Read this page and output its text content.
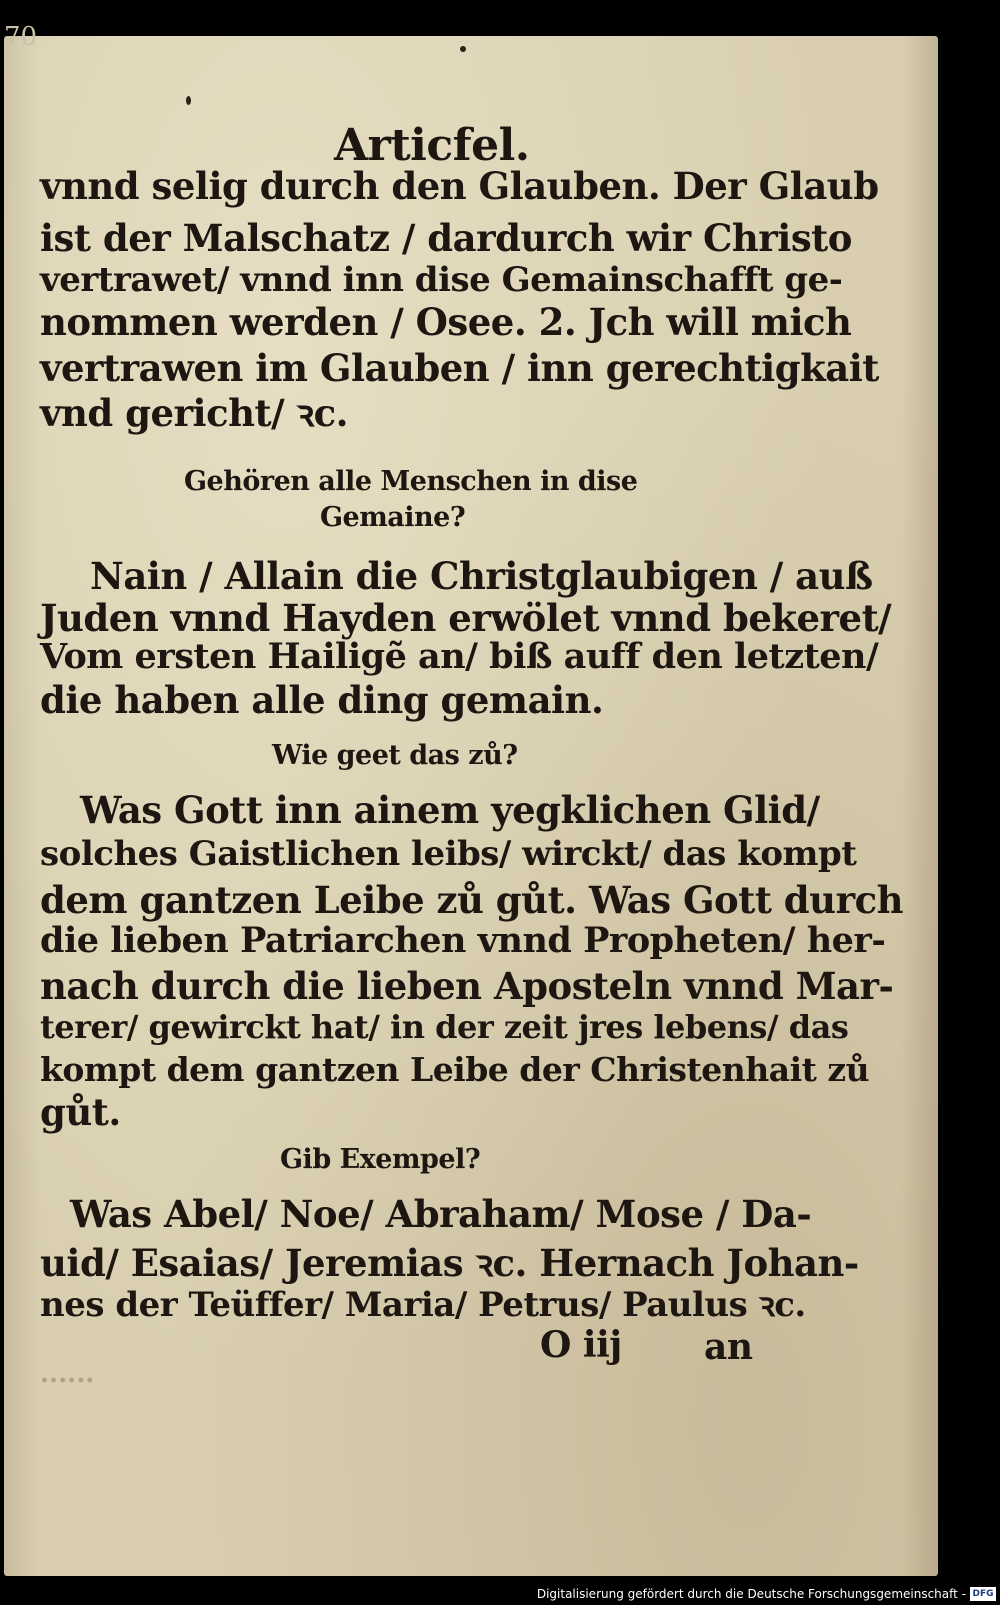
70
Articfel.
vnnd selig durch den Glauben. Der Glaub
ist der Malschatz / dardurch wir Christo
vertrawet/ vnnd inn dise Gemainschafft ge-
nommen werden / Osee. 2. Jch will mich
vertrawen im Glauben / inn gerechtigkait
vnd gericht/ ꝛc.
Gehören alle Menschen in dise
Gemaine?
Nain / Allain die Christglaubigen / auß
Juden vnnd Hayden erwölet vnnd bekeret/
Vom ersten Hailigẽ an/ biß auff den letzten/
die haben alle ding gemain.
Wie geet das zů?
Was Gott inn ainem yegklichen Glid/
solches Gaistlichen leibs/ wirckt/ das kompt
dem gantzen Leibe zů gůt. Was Gott durch
die lieben Patriarchen vnnd Propheten/ her-
nach durch die lieben Aposteln vnnd Mar-
terer/ gewirckt hat/ in der zeit jres lebens/ das
kompt dem gantzen Leibe der Christenhait zů
gůt.
Gib Exempel?
Was Abel/ Noe/ Abraham/ Mose / Da-
uid/ Esaias/ Jeremias ꝛc. Hernach Johan-
nes der Teüffer/ Maria/ Petrus/ Paulus ꝛc.
······
O iij an
Digitalisierung gefördert durch die Deutsche Forschungsgemeinschaft - DFG
